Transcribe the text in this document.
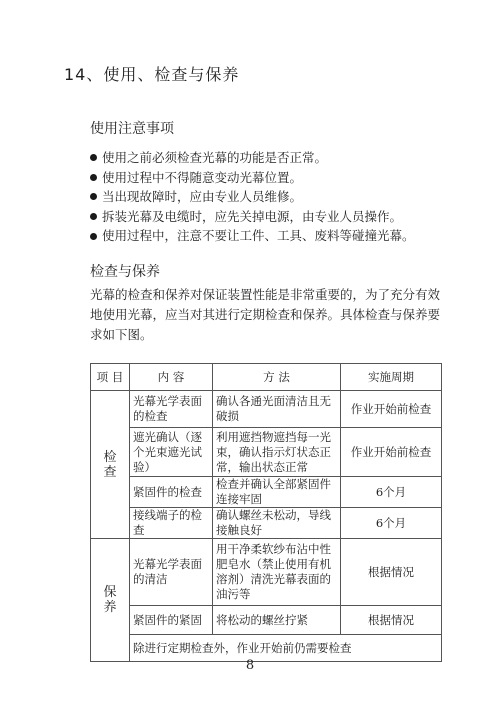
14、使用、检查与保养
使用注意事项
使用之前必须检查光幕的功能是否正常。
使用过程中不得随意变动光幕位置。
当出现故障时，应由专业人员维修。
拆装光幕及电缆时，应先关掉电源，由专业人员操作。
使用过程中，注意不要让工件、工具、废料等碰撞光幕。
检查与保养
光幕的检查和保养对保证装置性能是非常重要的，为了充分有效地使用光幕，应当对其进行定期检查和保养。具体检查与保养要求如下图。
项 目	内 容	方 法	实施周期

检
查	光幕光学表面的检查	确认各通光面清洁且无破损	作业开始前检查
	遮光确认（逐个光束遮光试验）	利用遮挡物遮挡每一光束，确认指示灯状态正常，输出状态正常	作业开始前检查
	紧固件的检查	检查并确认全部紧固件连接牢固	6个月
	接线端子的检查	确认螺丝未松动，导线接触良好	6个月

保
养	光幕光学表面的清洁	用干净柔软纱布沾中性肥皂水（禁止使用有机溶剂）清洗光幕表面的油污等	根据情况
	紧固件的紧固	将松动的螺丝拧紧	根据情况
	除进行定期检查外，作业开始前仍需要检查		
8
